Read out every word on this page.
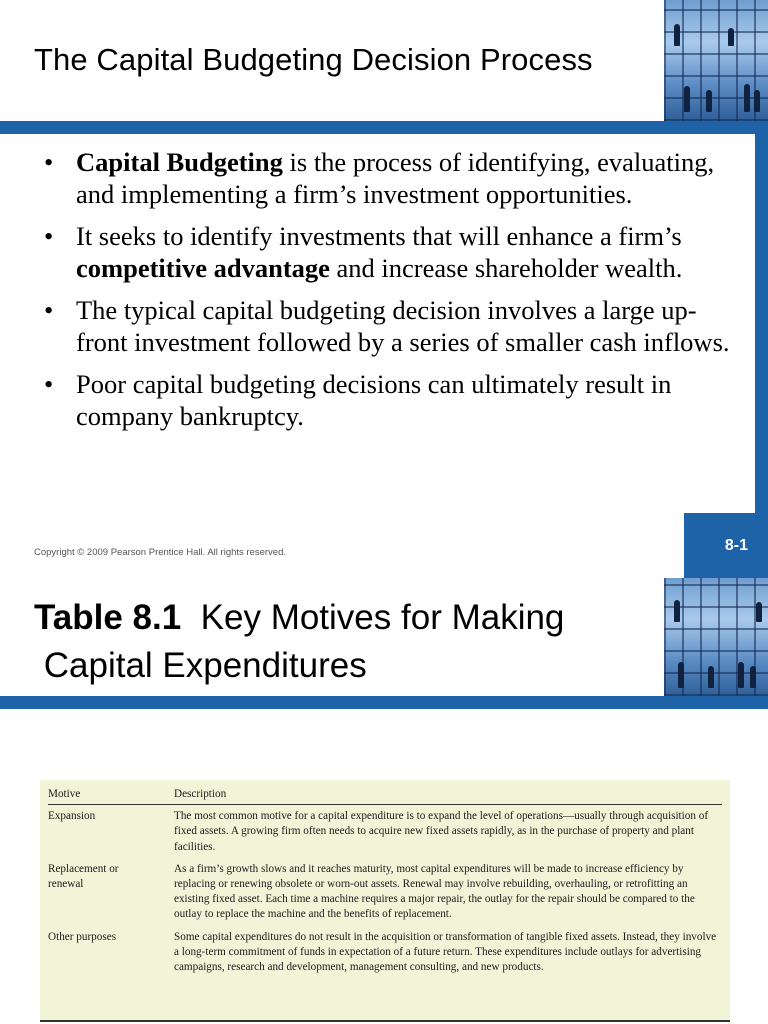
The Capital Budgeting Decision Process
• Capital Budgeting is the process of identifying, evaluating, and implementing a firm’s investment opportunities.
• It seeks to identify investments that will enhance a firm’s competitive advantage and increase shareholder wealth.
• The typical capital budgeting decision involves a large up-front investment followed by a series of smaller cash inflows.
• Poor capital budgeting decisions can ultimately result in company bankruptcy.
Copyright © 2009 Pearson Prentice Hall. All rights reserved.	8-1
Table 8.1 Key Motives for Making
Capital Expenditures
Motive	Description
Expansion	The most common motive for a capital expenditure is to expand the level of operations—usually through acquisition of fixed assets. A growing firm often needs to acquire new fixed assets rapidly, as in the purchase of property and plant facilities.
Replacement or renewal	As a firm’s growth slows and it reaches maturity, most capital expenditures will be made to increase efficiency by replacing or renewing obsolete or worn-out assets. Renewal may involve rebuilding, overhauling, or retrofitting an existing fixed asset. Each time a machine requires a major repair, the outlay for the repair should be compared to the outlay to replace the machine and the benefits of replacement.
Other purposes	Some capital expenditures do not result in the acquisition or transformation of tangible fixed assets. Instead, they involve a long-term commitment of funds in expectation of a future return. These expenditures include outlays for advertising campaigns, research and development, management consulting, and new products.
